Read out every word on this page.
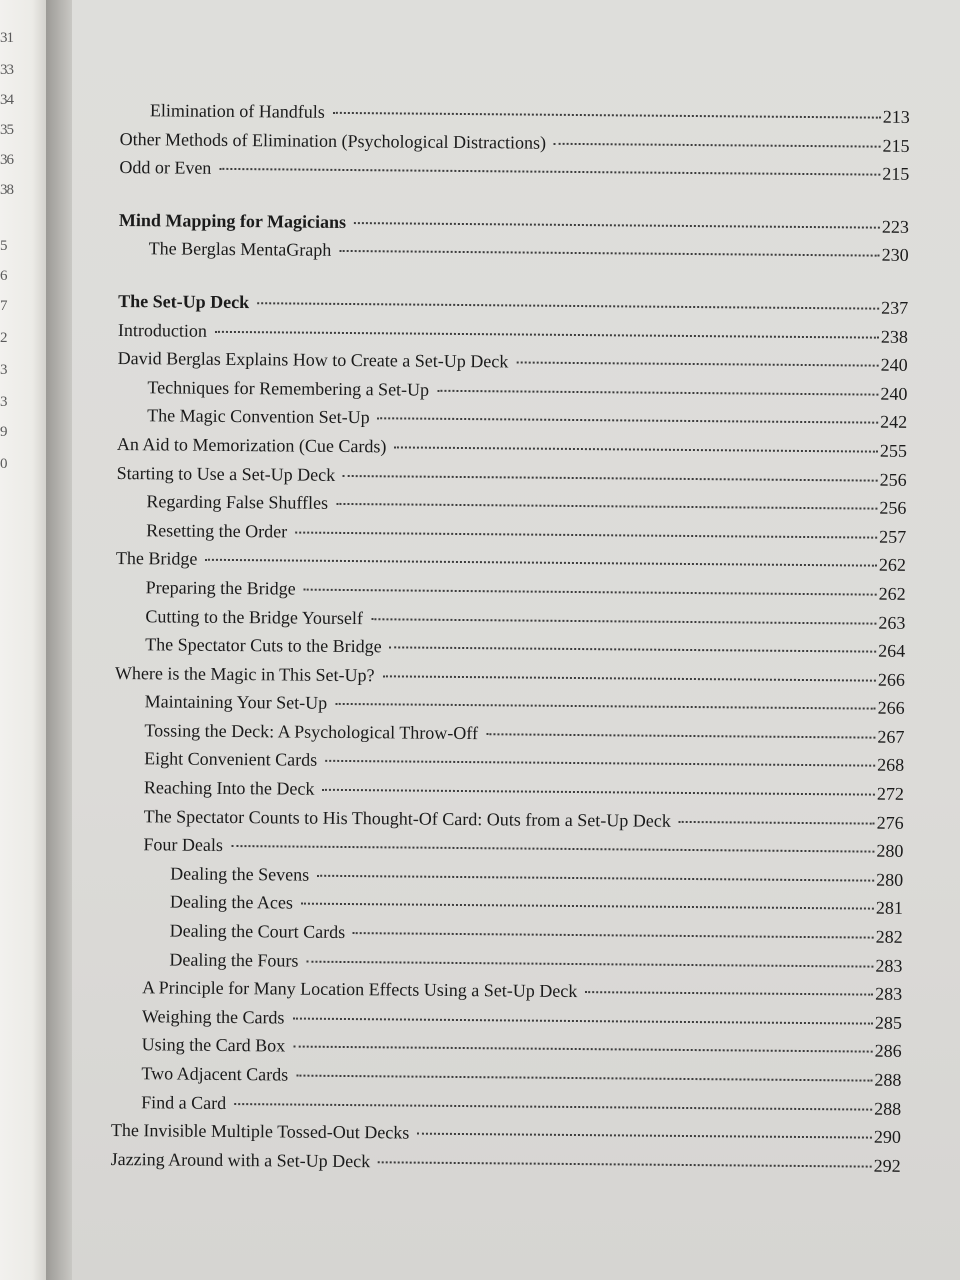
31
33
34
35
36
38
5
6
7
2
3
3
9
0
Elimination of Handfuls	213
Other Methods of Elimination (Psychological Distractions)	215
Odd or Even	215
Mind Mapping for Magicians	223
The Berglas MentaGraph	230
The Set-Up Deck	237
Introduction	238
David Berglas Explains How to Create a Set-Up Deck	240
Techniques for Remembering a Set-Up	240
The Magic Convention Set-Up	242
An Aid to Memorization (Cue Cards)	255
Starting to Use a Set-Up Deck	256
Regarding False Shuffles	256
Resetting the Order	257
The Bridge	262
Preparing the Bridge	262
Cutting to the Bridge Yourself	263
The Spectator Cuts to the Bridge	264
Where is the Magic in This Set-Up?	266
Maintaining Your Set-Up	266
Tossing the Deck: A Psychological Throw-Off	267
Eight Convenient Cards	268
Reaching Into the Deck	272
The Spectator Counts to His Thought-Of Card: Outs from a Set-Up Deck	276
Four Deals	280
Dealing the Sevens	280
Dealing the Aces	281
Dealing the Court Cards	282
Dealing the Fours	283
A Principle for Many Location Effects Using a Set-Up Deck	283
Weighing the Cards	285
Using the Card Box	286
Two Adjacent Cards	288
Find a Card	288
The Invisible Multiple Tossed-Out Decks	290
Jazzing Around with a Set-Up Deck	292
